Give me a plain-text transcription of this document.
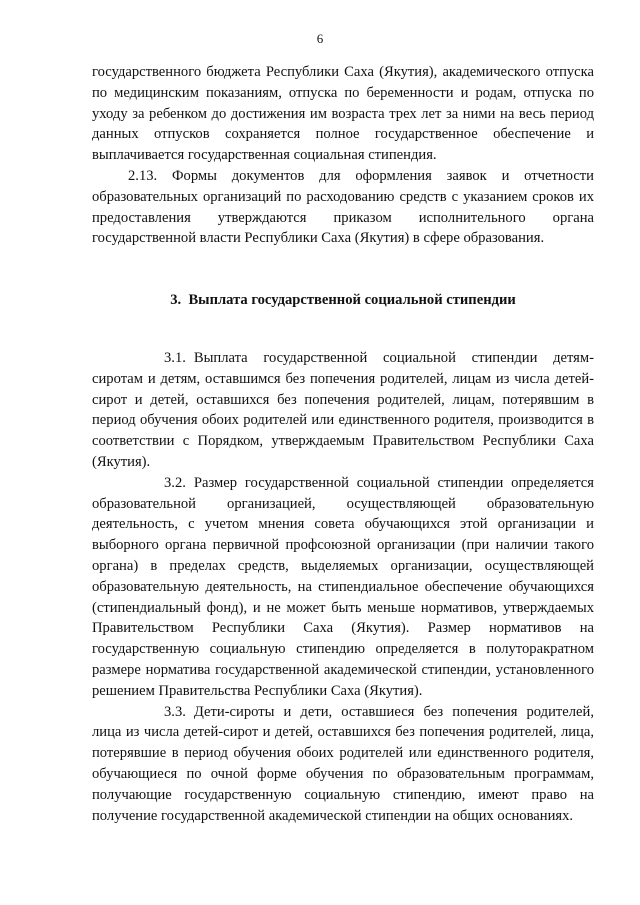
6

государственного бюджета Республики Саха (Якутия), академического отпуска по медицинским показаниям, отпуска по беременности и родам, отпуска по уходу за ребенком до достижения им возраста трех лет за ними на весь период данных отпусков сохраняется полное государственное обеспечение и выплачивается государственная социальная стипендия.

2.13. Формы документов для оформления заявок и отчетности образовательных организаций по расходованию средств с указанием сроков их предоставления утверждаются приказом исполнительного органа государственной власти Республики Саха (Якутия) в сфере образования.

3. Выплата государственной социальной стипендии

3.1. Выплата государственной социальной стипендии детям-сиротам и детям, оставшимся без попечения родителей, лицам из числа детей-сирот и детей, оставшихся без попечения родителей, лицам, потерявшим в период обучения обоих родителей или единственного родителя, производится в соответствии с Порядком, утверждаемым Правительством Республики Саха (Якутия).

3.2. Размер государственной социальной стипендии определяется образовательной организацией, осуществляющей образовательную деятельность, с учетом мнения совета обучающихся этой организации и выборного органа первичной профсоюзной организации (при наличии такого органа) в пределах средств, выделяемых организации, осуществляющей образовательную деятельность, на стипендиальное обеспечение обучающихся (стипендиальный фонд), и не может быть меньше нормативов, утверждаемых Правительством Республики Саха (Якутия). Размер нормативов на государственную социальную стипендию определяется в полуторакратном размере норматива государственной академической стипендии, установленного решением Правительства Республики Саха (Якутия).

3.3. Дети-сироты и дети, оставшиеся без попечения родителей, лица из числа детей-сирот и детей, оставшихся без попечения родителей, лица, потерявшие в период обучения обоих родителей или единственного родителя, обучающиеся по очной форме обучения по образовательным программам, получающие государственную социальную стипендию, имеют право на получение государственной академической стипендии на общих основаниях.
